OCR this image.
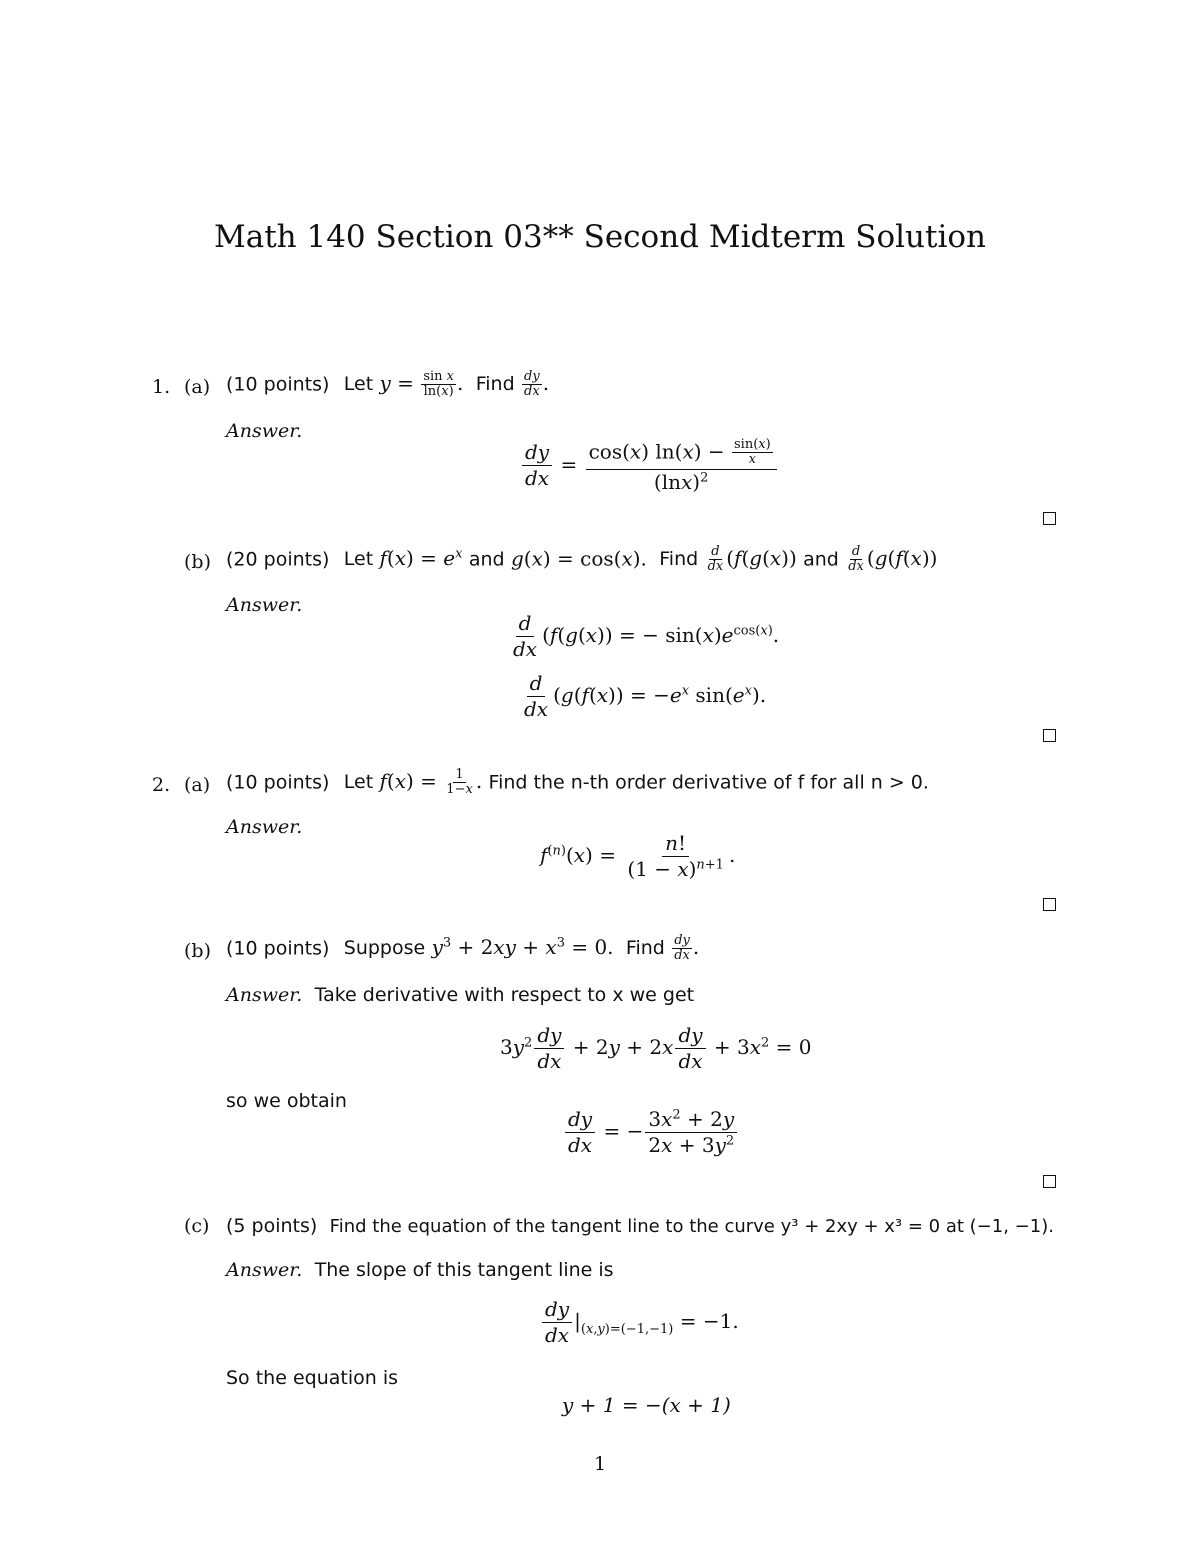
Math 140 Section 03** Second Midterm Solution
1. (a) (10 points) Let $y = \frac{\text{sin x}}{\ln(x)}$ . Find $\frac{dy}{dx}$ .
Answer.
$\frac{dy}{dx} = \frac{\cos(x) \ln(x) - \frac{\sin(x)}{x}}{(\ln x)^2}$
(b) (20 points) Let $f(x) = e^x$ and g(x) = cos(x). Find $\frac{d}{dx} (f(g(x))$ and $\frac{d}{dx} (g(f(x))$
Answer.
$\frac{d}{dx} (f(g(x))$ = − $\sin(x)e^{cos(x)}$.
$\frac{d}{dx} (g(f(x)) = -e^x$ $\sin(e^x)$.
2. (a) (10 points) Let $f(x) = \frac{1}{1-x}$ . Find the n-th order derivative of f for all n > 0.
Answer.
$f^{(n)}(x) = \frac{n!}{(1 - x)^{n+1}}$ .
(b) (10 points) Suppose $y^3 + 2xy + x^3 = 0$. Find $\frac{dy}{dx}$ .
Answer. Take derivative with respect to x we get
$3y^2 \frac{dy}{dx} + 2y + 2x \frac{dy}{dx} + 3x^2 = 0$
so we obtain
$\frac{dy}{dx}$ = − $\frac{3x^2 + 2y}{2x + 3y^2}$
(c) (5 points) Find the equation of the tangent line to the curve y³ + 2xy + x³ = 0 at (−1, −1).
Answer. The slope of this tangent line is
$\frac{dy}{dx} |_{(x,y)=(-1,-1)} = -1$.
So the equation is
y + 1 = −(x + 1)
1
